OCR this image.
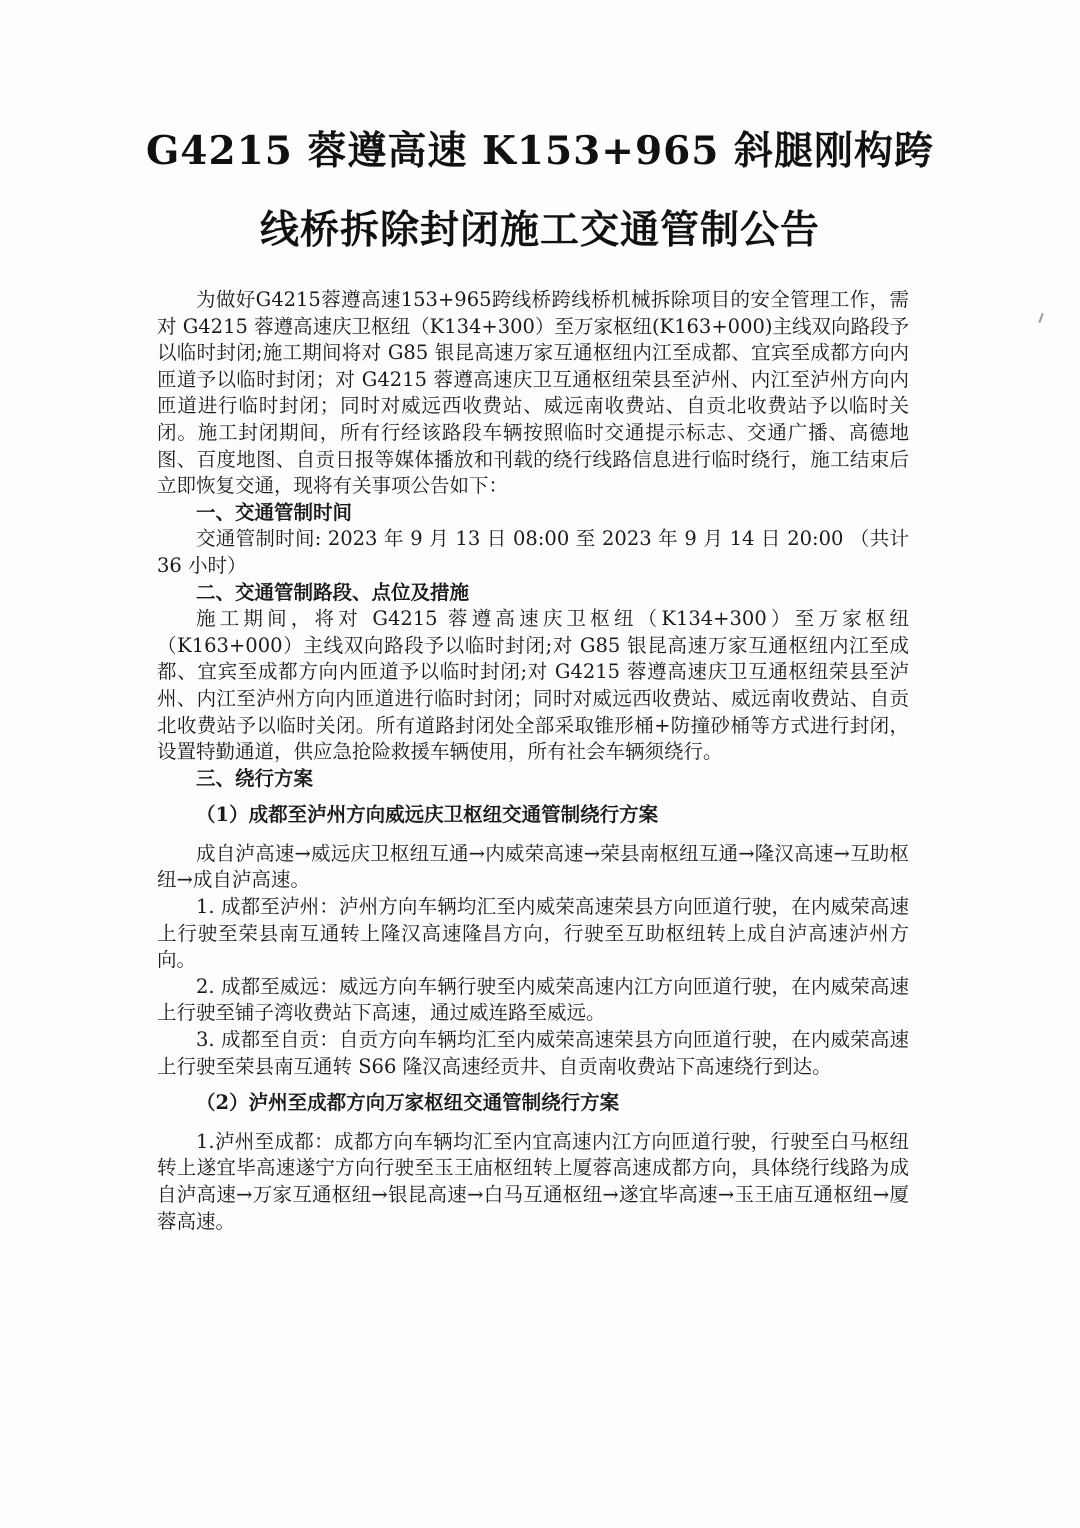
G4215 蓉遵高速 K153+965 斜腿刚构跨
线桥拆除封闭施工交通管制公告

为做好G4215蓉遵高速153+965跨线桥跨线桥机械拆除项目的安全管理工作，需对 G4215 蓉遵高速庆卫枢纽（K134+300）至万家枢纽(K163+000)主线双向路段予以临时封闭;施工期间将对 G85 银昆高速万家互通枢纽内江至成都、宜宾至成都方向内匝道予以临时封闭；对 G4215 蓉遵高速庆卫互通枢纽荣县至泸州、内江至泸州方向内匝道进行临时封闭；同时对威远西收费站、威远南收费站、自贡北收费站予以临时关闭。施工封闭期间，所有行经该路段车辆按照临时交通提示标志、交通广播、高德地图、百度地图、自贡日报等媒体播放和刊载的绕行线路信息进行临时绕行，施工结束后立即恢复交通，现将有关事项公告如下：

一、交通管制时间

交通管制时间: 2023 年 9 月 13 日 08:00 至 2023 年 9 月 14 日 20:00 （共计 36 小时）

二、交通管制路段、点位及措施

施工期间，将对 G4215 蓉遵高速庆卫枢纽（K134+300）至万家枢纽（K163+000）主线双向路段予以临时封闭;对 G85 银昆高速万家互通枢纽内江至成都、宜宾至成都方向内匝道予以临时封闭;对 G4215 蓉遵高速庆卫互通枢纽荣县至泸州、内江至泸州方向内匝道进行临时封闭；同时对威远西收费站、威远南收费站、自贡北收费站予以临时关闭。所有道路封闭处全部采取锥形桶+防撞砂桶等方式进行封闭，设置特勤通道，供应急抢险救援车辆使用，所有社会车辆须绕行。

三、绕行方案

（1）成都至泸州方向威远庆卫枢纽交通管制绕行方案

成自泸高速→威远庆卫枢纽互通→内威荣高速→荣县南枢纽互通→隆汉高速→互助枢纽→成自泸高速。

1. 成都至泸州：泸州方向车辆均汇至内威荣高速荣县方向匝道行驶，在内威荣高速上行驶至荣县南互通转上隆汉高速隆昌方向，行驶至互助枢纽转上成自泸高速泸州方向。

2. 成都至威远：威远方向车辆行驶至内威荣高速内江方向匝道行驶，在内威荣高速上行驶至铺子湾收费站下高速，通过威连路至威远。

3. 成都至自贡：自贡方向车辆均汇至内威荣高速荣县方向匝道行驶，在内威荣高速上行驶至荣县南互通转 S66 隆汉高速经贡井、自贡南收费站下高速绕行到达。

（2）泸州至成都方向万家枢纽交通管制绕行方案

1.泸州至成都：成都方向车辆均汇至内宜高速内江方向匝道行驶，行驶至白马枢纽转上遂宜毕高速遂宁方向行驶至玉王庙枢纽转上厦蓉高速成都方向，具体绕行线路为成自泸高速→万家互通枢纽→银昆高速→白马互通枢纽→遂宜毕高速→玉王庙互通枢纽→厦蓉高速。
